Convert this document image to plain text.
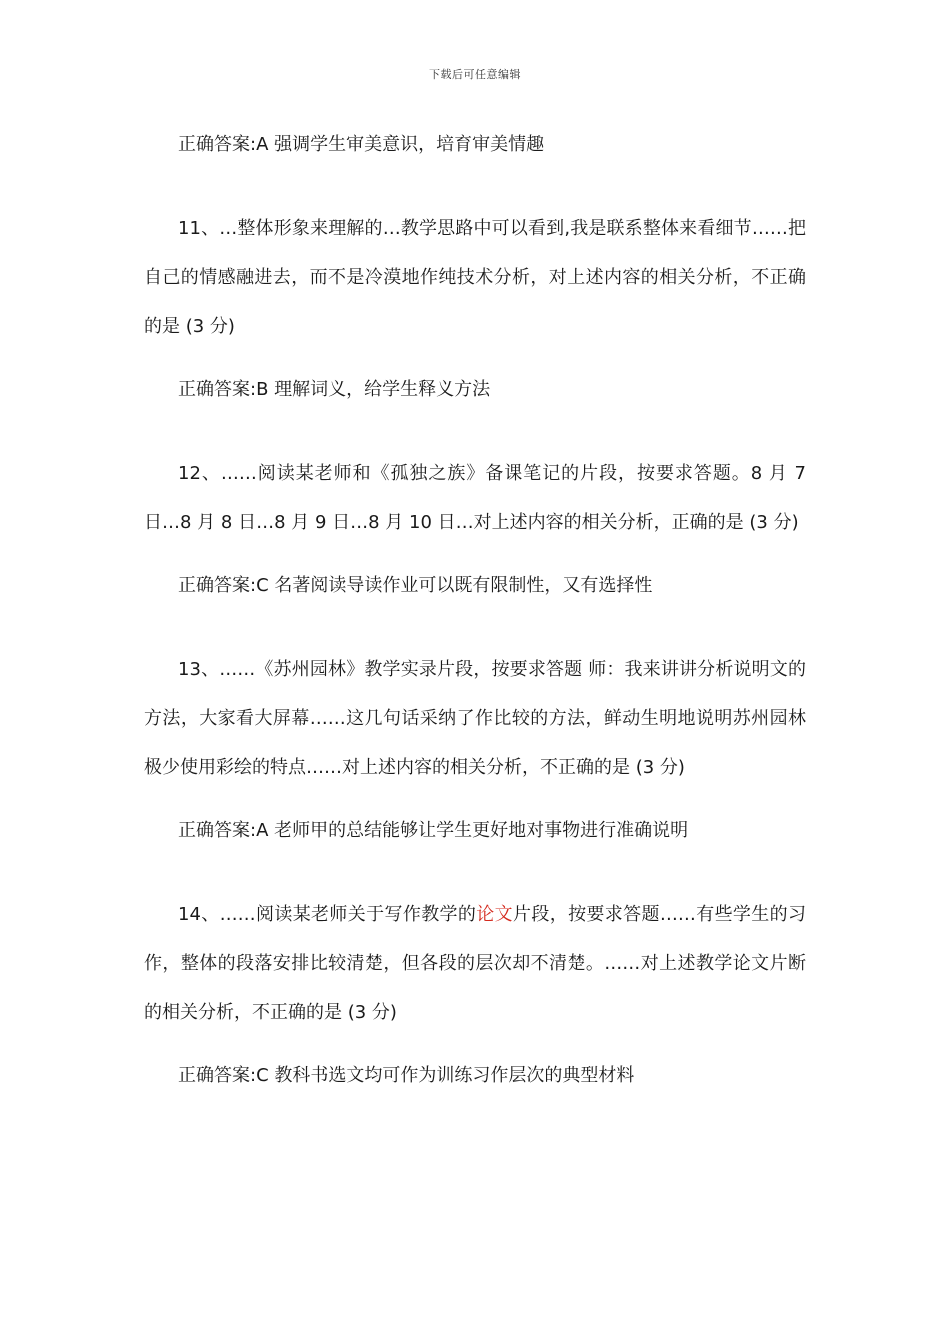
下载后可任意编辑

正确答案:A 强调学生审美意识，培育审美情趣

11、…整体形象来理解的…教学思路中可以看到,我是联系整体来看细节……把自己的情感融进去，而不是冷漠地作纯技术分析，对上述内容的相关分析，不正确的是 (3 分)

正确答案:B 理解词义，给学生释义方法

12、……阅读某老师和《孤独之族》备课笔记的片段，按要求答题。8 月 7 日…8 月 8 日…8 月 9 日…8 月 10 日…对上述内容的相关分析，正确的是 (3 分)

正确答案:C 名著阅读导读作业可以既有限制性，又有选择性

13、……《苏州园林》教学实录片段，按要求答题 师：我来讲讲分析说明文的方法，大家看大屏幕……这几句话采纳了作比较的方法，鲜动生明地说明苏州园林极少使用彩绘的特点……对上述内容的相关分析，不正确的是 (3 分)

正确答案:A 老师甲的总结能够让学生更好地对事物进行准确说明

14、……阅读某老师关于写作教学的论文片段，按要求答题……有些学生的习作，整体的段落安排比较清楚，但各段的层次却不清楚。……对上述教学论文片断的相关分析，不正确的是 (3 分)

正确答案:C 教科书选文均可作为训练习作层次的典型材料
